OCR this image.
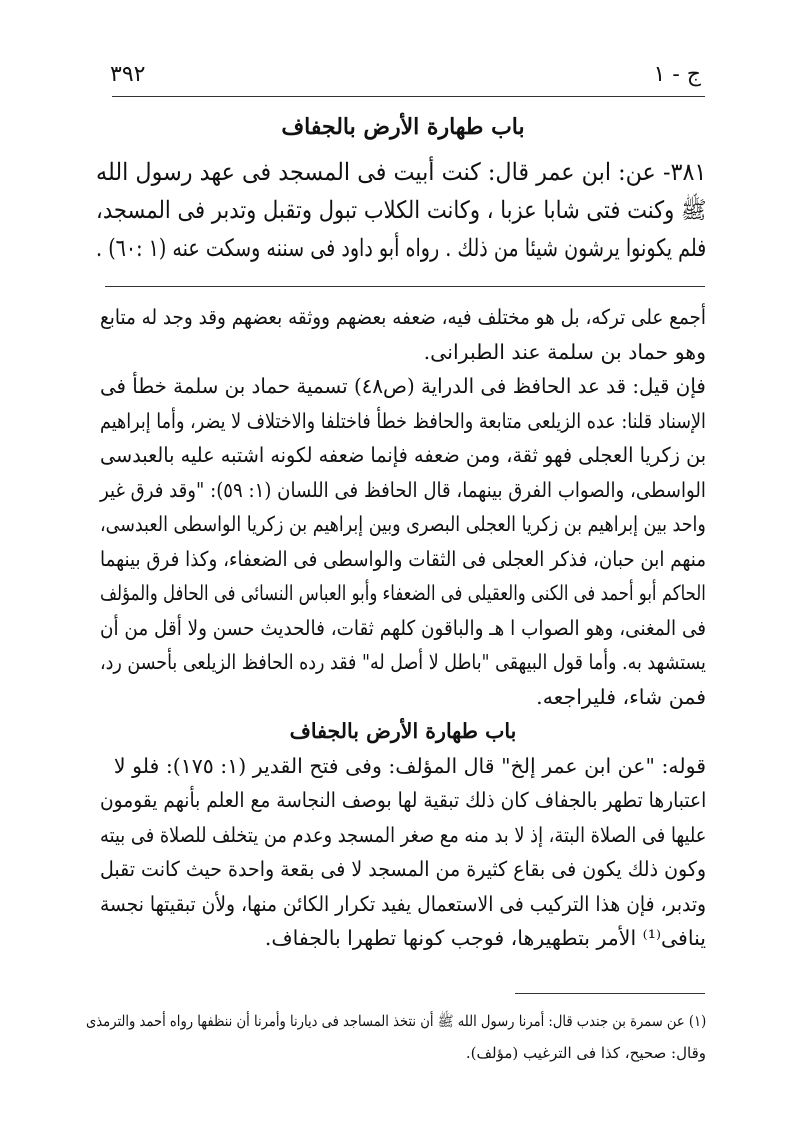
٣٩٢	ج - ١
باب طهارة الأرض بالجفاف

٣٨١- عن: ابن عمر قال: كنت أبيت فى المسجد فى عهد رسول الله

ﷺ وكنت فتى شابا عزبا ، وكانت الكلاب تبول وتقبل وتدبر فى المسجد،

فلم يكونوا يرشون شيئا من ذلك . رواه أبو داود فى سننه وسكت عنه (١ :٦٠) .

أجمع على تركه، بل هو مختلف فيه، ضعفه بعضهم ووثقه بعضهم وقد وجد له متابع

وهو حماد بن سلمة عند الطبرانى.

فإن قيل: قد عد الحافظ فى الدراية (ص٤٨) تسمية حماد بن سلمة خطأ فى

الإسناد قلنا: عده الزيلعى متابعة والحافظ خطأ فاختلفا والاختلاف لا يضر، وأما إبراهيم

بن زكريا العجلى فهو ثقة، ومن ضعفه فإنما ضعفه لكونه اشتبه عليه بالعبدسى

الواسطى، والصواب الفرق بينهما، قال الحافظ فى اللسان (١: ٥٩): "وقد فرق غير

واحد بين إبراهيم بن زكريا العجلى البصرى وبين إبراهيم بن زكريا الواسطى العبدسى،

منهم ابن حبان، فذكر العجلى فى الثقات والواسطى فى الضعفاء، وكذا فرق بينهما

الحاكم أبو أحمد فى الكنى والعقيلى فى الضعفاء وأبو العباس النسائى فى الحافل والمؤلف

فى المغنى، وهو الصواب ا هـ والباقون كلهم ثقات، فالحديث حسن ولا أقل من أن

يستشهد به. وأما قول البيهقى "باطل لا أصل له" فقد رده الحافظ الزيلعى بأحسن رد،

فمن شاء، فليراجعه.

باب طهارة الأرض بالجفاف

قوله: "عن ابن عمر إلخ" قال المؤلف: وفى فتح القدير (١: ١٧٥): فلو لا

اعتبارها تطهر بالجفاف كان ذلك تبقية لها بوصف النجاسة مع العلم بأنهم يقومون

عليها فى الصلاة البتة، إذ لا بد منه مع صغر المسجد وعدم من يتخلف للصلاة فى بيته

وكون ذلك يكون فى بقاع كثيرة من المسجد لا فى بقعة واحدة حيث كانت تقبل

وتدبر، فإن هذا التركيب فى الاستعمال يفيد تكرار الكائن منها، ولأن تبقيتها نجسة

ينافى⁽¹⁾ الأمر بتطهيرها، فوجب كونها تطهرا بالجفاف.

(١) عن سمرة بن جندب قال: أمرنا رسول الله ﷺ أن نتخذ المساجد فى ديارنا وأمرنا أن ننظفها رواه أحمد والترمذى

وقال: صحيح، كذا فى الترغيب (مؤلف).
